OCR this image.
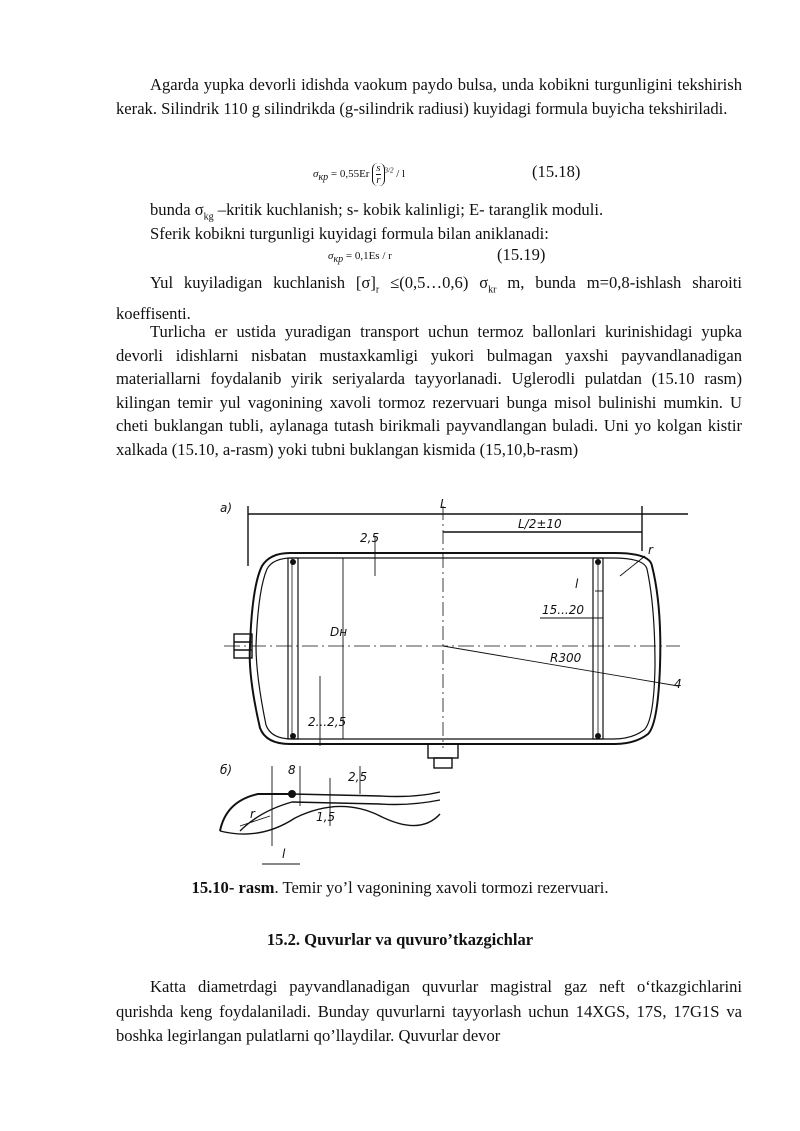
Agarda yupka devorli idishda vaokum paydo bulsa, unda kobikni turgunligini tekshirish kerak. Silindrik 110 g silindrikda (g-silindrik radiusi) kuyidagi formula buyicha tekshiriladi.
$\sigma_{кр} = 0,55Er \frac{s}{r} ^{3/2} / l$	(15.18)
bunda $\sigma_{kg}$ –kritik kuchlanish; s- kobik kalinligi; E- taranglik moduli.
Sferik kobikni turgunligi kuyidagi formula bilan aniklanadi:
$\sigma_{кр} = 0,1Es / r$	(15.19)
Yul kuyiladigan kuchlanish $[\sigma]_r$ ≤(0,5…0,6) $\sigma_{kr}$ m, bunda m=0,8-ishlash sharoiti koeffisenti.
Turlicha er ustida yuradigan transport uchun termoz ballonlari kurinishidagi yupka devorli idishlarni nisbatan mustaxkamligi yukori bulmagan yaxshi payvandlanadigan materiallarni foydalanib yirik seriyalarda tayyorlanadi. Uglerodli pulatdan (15.10 rasm) kilingan temir yul vagonining xavoli tormoz rezervuari bunga misol bulinishi mumkin. U cheti buklangan tubli, aylanaga tutash birikmali payvandlangan buladi. Uni yo kolgan kistir xalkada (15.10, a-rasm) yoki tubni buklangan kismida (15,10,b-rasm)
а)	L
L/2±10
2,5
r
l
15...20
R300
Dн
2...2,5
4
б)	8	2,5
1,5
r
l
15.10- rasm. Temir yo’l vagonining xavoli tormozi rezervuari.
15.2. Quvurlar va quvuro’tkazgichlar
Katta diametrdagi payvandlanadigan quvurlar magistral gaz neft o‘tkazgichlarini qurishda keng foydalaniladi. Bunday quvurlarni tayyorlash uchun 14XGS, 17S, 17G1S va boshka legirlangan pulatlarni qo’llaydilar. Quvurlar devor
